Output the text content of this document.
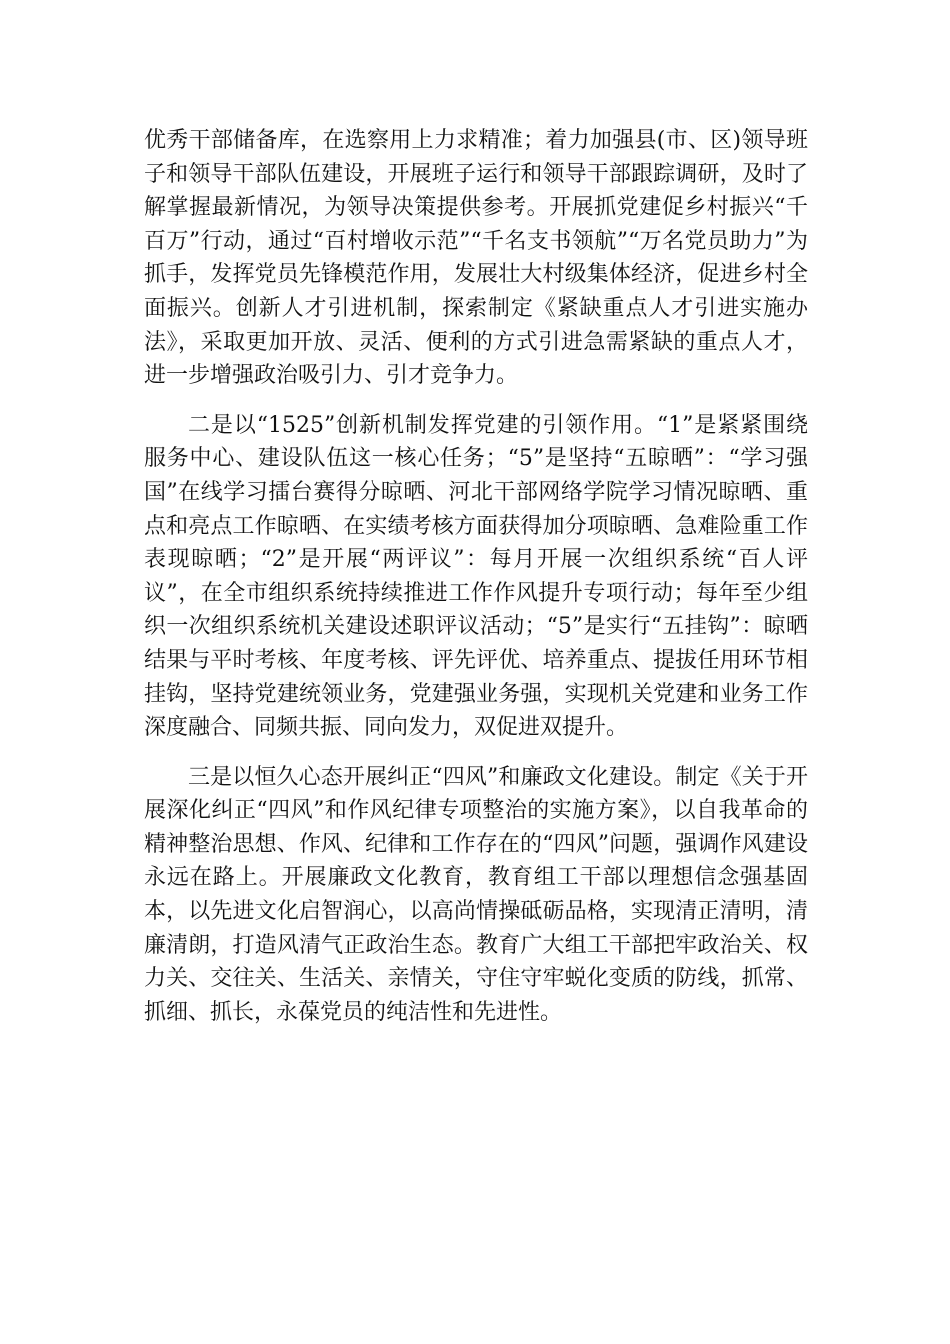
优秀干部储备库，在选察用上力求精准；着力加强县(市、区)领导班子和领导干部队伍建设，开展班子运行和领导干部跟踪调研，及时了解掌握最新情况，为领导决策提供参考。开展抓党建促乡村振兴“千百万”行动，通过“百村增收示范”“千名支书领航”“万名党员助力”为抓手，发挥党员先锋模范作用，发展壮大村级集体经济，促进乡村全面振兴。创新人才引进机制，探索制定《紧缺重点人才引进实施办法》，采取更加开放、灵活、便利的方式引进急需紧缺的重点人才，进一步增强政治吸引力、引才竞争力。

二是以“1525”创新机制发挥党建的引领作用。“1”是紧紧围绕服务中心、建设队伍这一核心任务；“5”是坚持“五晾晒”：“学习强国”在线学习擂台赛得分晾晒、河北干部网络学院学习情况晾晒、重点和亮点工作晾晒、在实绩考核方面获得加分项晾晒、急难险重工作表现晾晒；“2”是开展“两评议”：每月开展一次组织系统“百人评议”，在全市组织系统持续推进工作作风提升专项行动；每年至少组织一次组织系统机关建设述职评议活动；“5”是实行“五挂钩”：晾晒结果与平时考核、年度考核、评先评优、培养重点、提拔任用环节相挂钩，坚持党建统领业务，党建强业务强，实现机关党建和业务工作深度融合、同频共振、同向发力，双促进双提升。

三是以恒久心态开展纠正“四风”和廉政文化建设。制定《关于开展深化纠正“四风”和作风纪律专项整治的实施方案》，以自我革命的精神整治思想、作风、纪律和工作存在的“四风”问题，强调作风建设永远在路上。开展廉政文化教育，教育组工干部以理想信念强基固本，以先进文化启智润心，以高尚情操砥砺品格，实现清正清明，清廉清朗，打造风清气正政治生态。教育广大组工干部把牢政治关、权力关、交往关、生活关、亲情关，守住守牢蜕化变质的防线，抓常、抓细、抓长，永葆党员的纯洁性和先进性。
